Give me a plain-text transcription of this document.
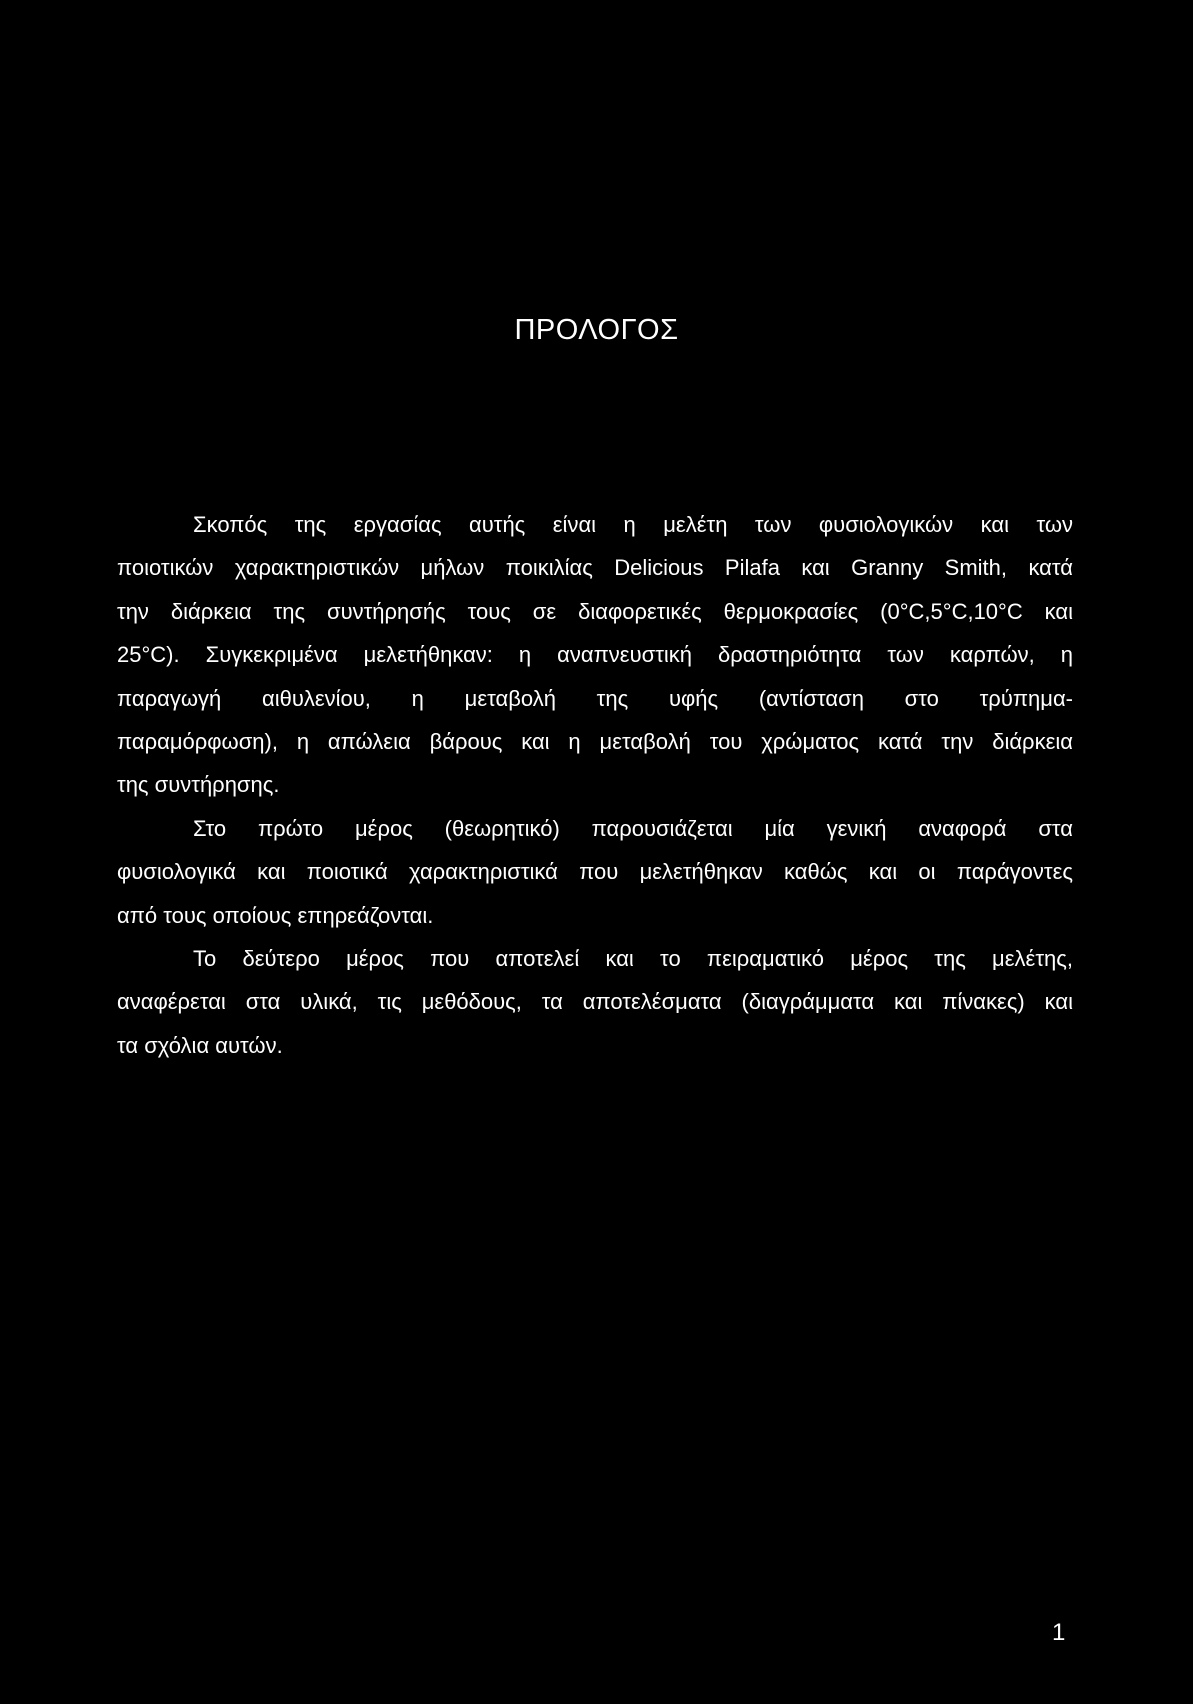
ΠΡΟΛΟΓΟΣ
Σκοπός της εργασίας αυτής είναι η μελέτη των φυσιολογικών και των
ποιοτικών χαρακτηριστικών μήλων ποικιλίας Delicious Pilafa και Granny Smith, κατά
την διάρκεια της συντήρησής τους σε διαφορετικές θερμοκρασίες (0°C,5°C,10°C και
25°C). Συγκεκριμένα μελετήθηκαν: η αναπνευστική δραστηριότητα των καρπών, η
παραγωγή αιθυλενίου, η μεταβολή της υφής (αντίσταση στο τρύπημα-
παραμόρφωση), η απώλεια βάρους και η μεταβολή του χρώματος κατά την διάρκεια
της συντήρησης.
Στο πρώτο μέρος (θεωρητικό) παρουσιάζεται μία γενική αναφορά στα
φυσιολογικά και ποιοτικά χαρακτηριστικά που μελετήθηκαν καθώς και οι παράγοντες
από τους οποίους επηρεάζονται.
Το δεύτερο μέρος που αποτελεί και το πειραματικό μέρος της μελέτης,
αναφέρεται στα υλικά, τις μεθόδους, τα αποτελέσματα (διαγράμματα και πίνακες) και
τα σχόλια αυτών.
1
